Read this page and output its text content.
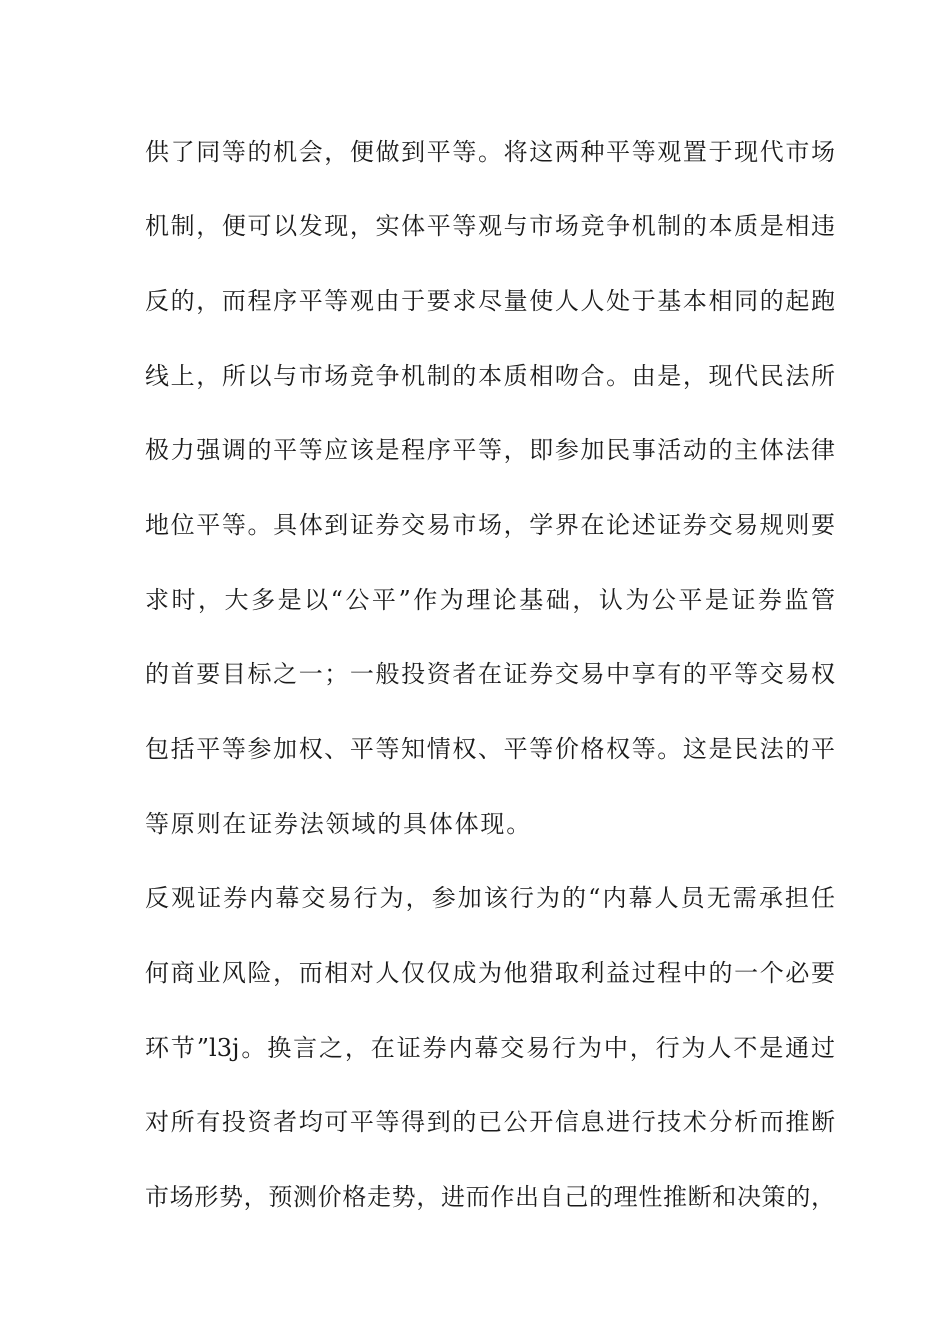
供了同等的机会，便做到平等。将这两种平等观置于现代市场
机制，便可以发现，实体平等观与市场竞争机制的本质是相违
反的，而程序平等观由于要求尽量使人人处于基本相同的起跑
线上，所以与市场竞争机制的本质相吻合。由是，现代民法所
极力强调的平等应该是程序平等，即参加民事活动的主体法律
地位平等。具体到证券交易市场，学界在论述证券交易规则要
求时，大多是以“公平”作为理论基础，认为公平是证券监管
的首要目标之一；一般投资者在证券交易中享有的平等交易权
包括平等参加权、平等知情权、平等价格权等。这是民法的平
等原则在证券法领域的具体体现。
反观证券内幕交易行为，参加该行为的“内幕人员无需承担任
何商业风险，而相对人仅仅成为他猎取利益过程中的一个必要
环节”l3j。换言之，在证券内幕交易行为中，行为人不是通过
对所有投资者均可平等得到的已公开信息进行技术分析而推断
市场形势，预测价格走势，进而作出自己的理性推断和决策的，
